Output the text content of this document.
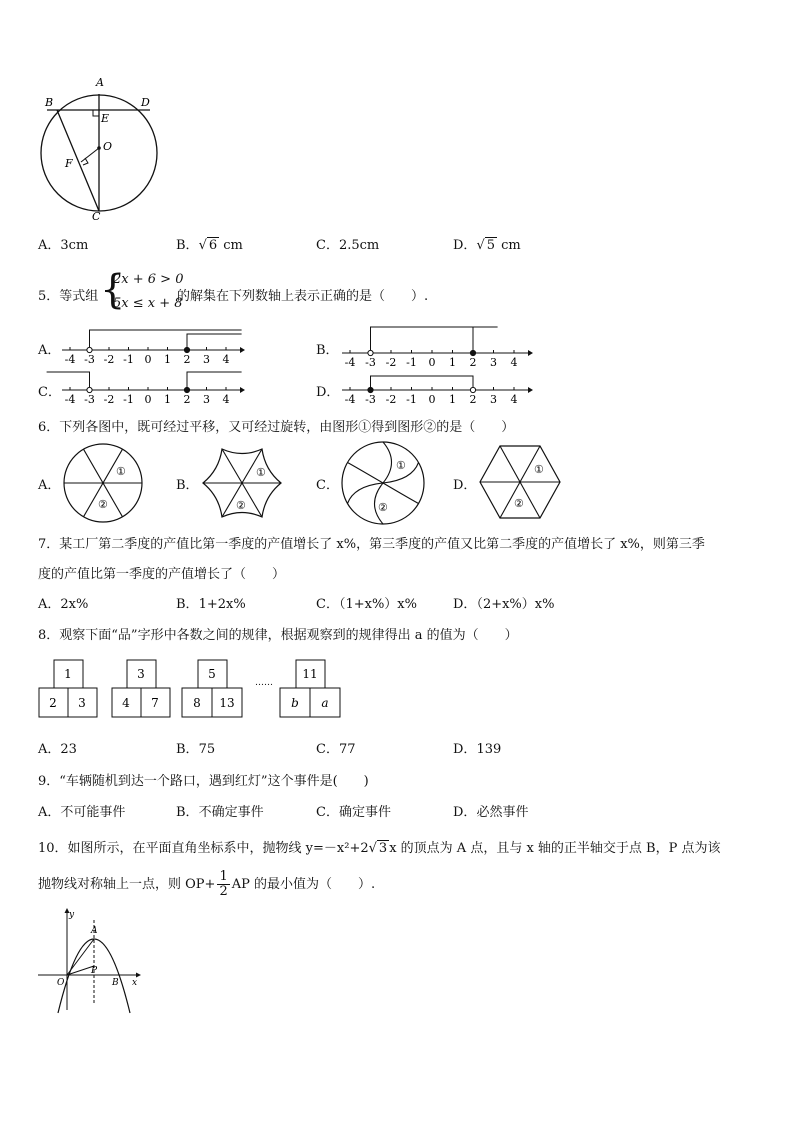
A
B	D
E
O
F
C
A．3cm	B．√ 6 cm	C．2.5cm	D．√ 5 cm
5．等式组 {
2x + 6 > 0
5x ≤ x + 8
的解集在下列数轴上表示正确的是（　　）.
-4 -3 -2 -1 0 1 2 3 4	-4 -3 -2 -1 0 1 2 3 4
-4 -3 -2 -1 0 1 2 3 4	-4 -3 -2 -1 0 1 2 3 4
A．	B．
C．	D．
6．下列各图中，既可经过平移，又可经过旋转，由图形①得到图形②的是（　　）
A．	B．	C．	D．
①
②
①
②
①
②
①
②
7．某工厂第二季度的产值比第一季度的产值增长了 x%，第三季度的产值又比第二季度的产值增长了 x%，则第三季
度的产值比第一季度的产值增长了（　　）
A．2x%	B．1+2x%	C．（1+x%）x%	D．（2+x%）x%
8．观察下面“品”字形中各数之间的规律，根据观察到的规律得出 a 的值为（　　）
1
2 3
3
4 7
5
8 13
……
11
b a
A．23	B．75	C．77	D．139
9．“车辆随机到达一个路口，遇到红灯”这个事件是(　　)
A．不可能事件	B．不确定事件	C．确定事件	D．必然事件
10．如图所示，在平面直角坐标系中，抛物线 y=－x²+2√ 3 x 的顶点为 A 点，且与 x 轴的正半轴交于点 B，P 点为该
抛物线对称轴上一点，则 $OP+ \frac{1}{2}$ AP 的最小值为（　　）.
y
A
P
O	B x
